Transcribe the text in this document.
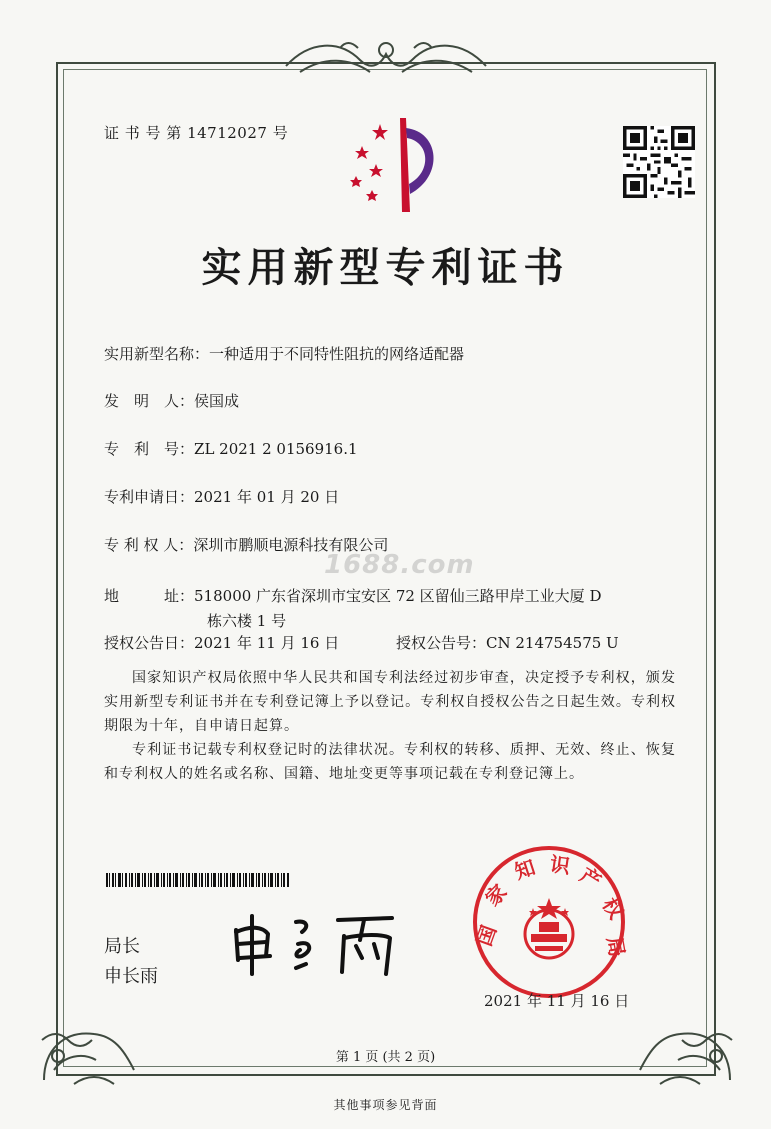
证 书 号 第 14712027 号
实用新型专利证书
实用新型名称：一种适用于不同特性阻抗的网络适配器
发　明　人：侯国成
专　利　号：ZL 2021 2 0156916.1
专利申请日：2021 年 01 月 20 日
专 利 权 人：深圳市鹏顺电源科技有限公司
地　　　址：518000 广东省深圳市宝安区 72 区留仙三路甲岸工业大厦 D
栋六楼 1 号
授权公告日：2021 年 11 月 16 日	授权公告号：CN 214754575 U
1688.com
国家知识产权局依照中华人民共和国专利法经过初步审查，决定授予专利权，颁发实用新型专利证书并在专利登记簿上予以登记。专利权自授权公告之日起生效。专利权期限为十年，自申请日起算。
专利证书记载专利权登记时的法律状况。专利权的转移、质押、无效、终止、恢复和专利权人的姓名或名称、国籍、地址变更等事项记载在专利登记簿上。
局长
申长雨
国
家
知 识 产
权
局
2021 年 11 月 16 日
第 1 页 (共 2 页)
其他事项参见背面
